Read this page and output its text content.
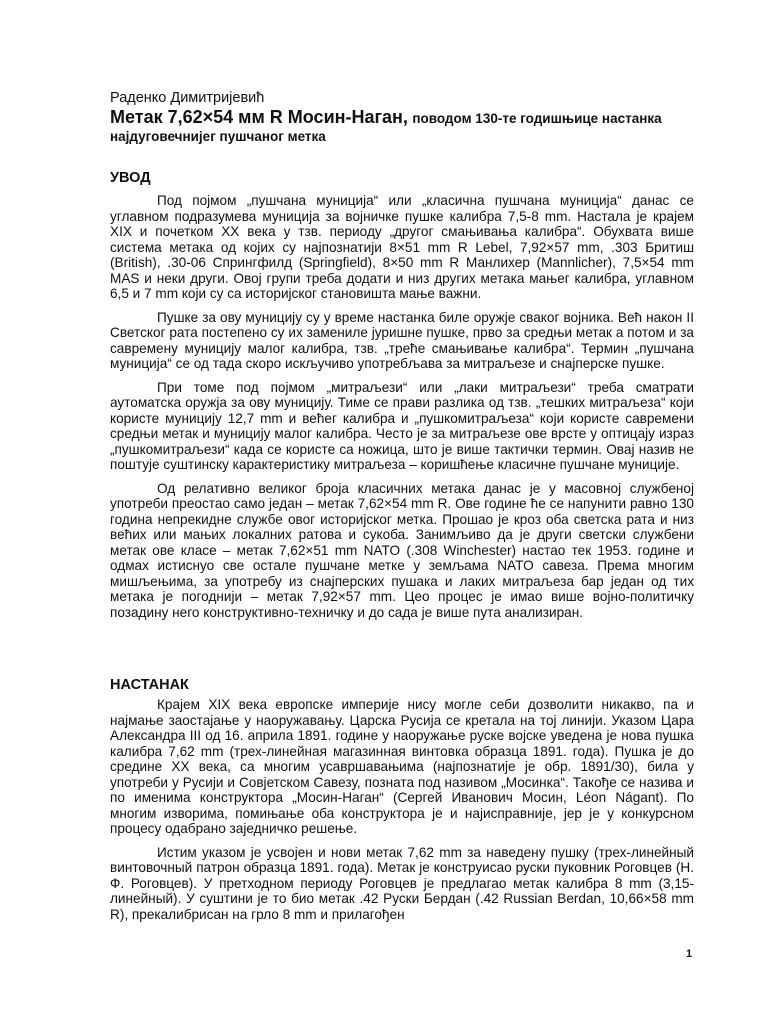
Раденко Димитријевић
Метак 7,62×54 мм R Мосин-Наган, поводом 130-те годишњице настанка најдуговечнијег пушчаног метка
УВОД

Под појмом „пушчана муниција“ или „класична пушчана муниција“ данас се углавном подразумева муниција за војничке пушке калибра 7,5-8 mm. Настала је крајем XIX и почетком XX века у тзв. периоду „другог смањивања калибра“. Обухвата више система метака од којих су најпознатији 8×51 mm R Lebel, 7,92×57 mm, .303 Бритиш (British), .30-06 Спрингфилд (Springfield), 8×50 mm R Манлихер (Mannlicher), 7,5×54 mm MAS и неки други. Овој групи треба додати и низ других метака мањег калибра, углавном 6,5 и 7 mm који су са историјског становишта мање важни.

Пушке за ову муницију су у време настанка биле оружје сваког војника. Већ након II Светског рата постепено су их замениле јуришне пушке, прво за средњи метак а потом и за савремену муницију малог калибра, тзв. „треће смањивање калибра“. Термин „пушчана муниција“ се од тада скоро искључиво употребљава за митраљезе и снајперске пушке.

При томе под појмом „митраљези“ или „лаки митраљези“ треба сматрати аутоматска оружја за ову муницију. Тиме се прави разлика од тзв. „тешких митраљеза“ који користе муницију 12,7 mm и већег калибра и „пушкомитраљеза“ који користе савремени средњи метак и муницију малог калибра. Често је за митраљезе ове врсте у оптицају израз „пушкомитраљези“ када се користе са ножица, што је више тактички термин. Овај назив не поштује суштинску карактеристику митраљеза – коришћење класичне пушчане муниције.

Од релативно великог броја класичних метака данас је у масовној службеној употреби преостао само један – метак 7,62×54 mm R. Ове године ће се напунити равно 130 година непрекидне службе овог историјског метка. Прошао је кроз оба светска рата и низ већих или мањих локалних ратова и сукоба. Занимљиво да је други светски службени метак ове класе – метак 7,62×51 mm NATO (.308 Winchester) настао тек 1953. године и одмах истиснуо све остале пушчане метке у земљама NATO савеза. Према многим мишљењима, за употребу из снајперских пушака и лаких митраљеза бар један од тих метака је погоднији – метак 7,92×57 mm. Цео процес је имао више војно-политичку позадину него конструктивно-техничку и до сада је више пута анализиран.

НАСТАНАК

Крајем XIX века европске империје нису могле себи дозволити никакво, па и најмање заостајање у наоружавању. Царска Русија се кретала на тој линији. Указом Цара Александра III од 16. априла 1891. године у наоружање руске војске уведена је нова пушка калибра 7,62 mm (трех-линейная магазинная винтовка образца 1891. года). Пушка је до средине XX века, са многим усавршавањима (најпознатије је обр. 1891/30), била у употреби у Русији и Совјетском Савезу, позната под називом „Мосинка“. Такође се назива и по именима конструктора „Мосин-Наган“ (Сергей Иванович Мосин, Léon Nágant). По многим изворима, помињање оба конструктора је и најисправније, јер је у конкурсном процесу одабрано заједничко решење.

Истим указом је усвојен и нови метак 7,62 mm за наведену пушку (трех-линейный винтовочный патрон образца 1891. года). Метак је конструисао руски пуковник Роговцев (Н. Ф. Роговцев). У претходном периоду Роговцев је предлагао метак калибра 8 mm (3,15-линейный). У суштини је то био метак .42 Руски Бердан (.42 Russian Berdan, 10,66×58 mm R), прекалибрисан на грло 8 mm и прилагођен

1
